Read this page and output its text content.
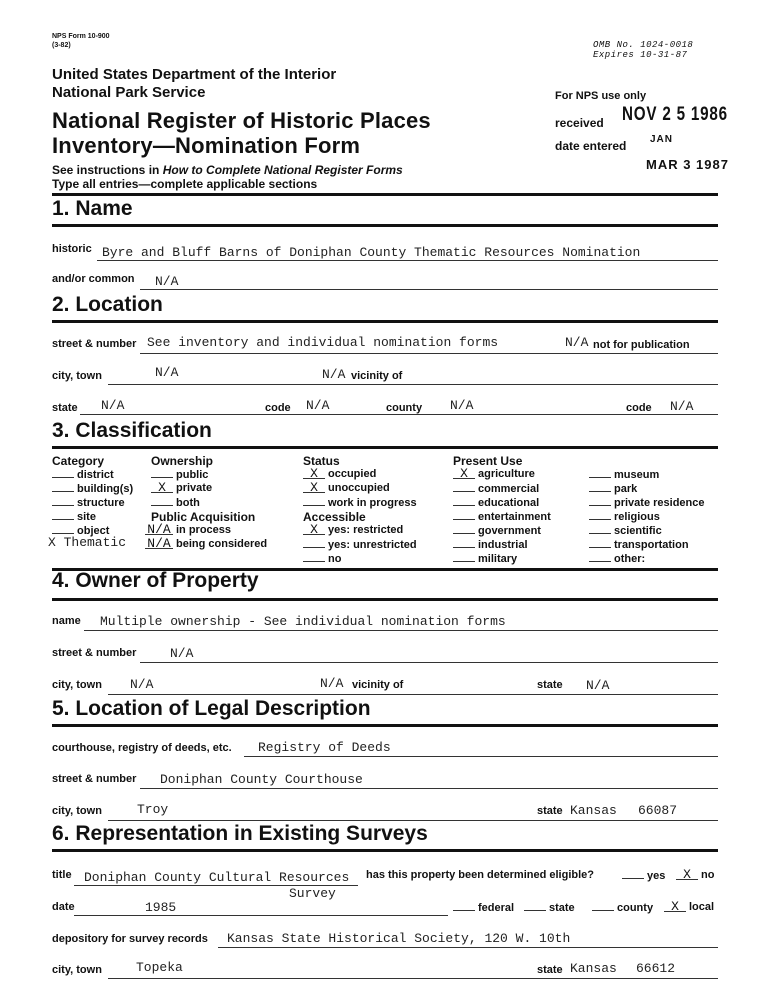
NPS Form 10-900
(3-82)	OMB No. 1024-0018
Expires 10-31-87
United States Department of the Interior
National Park Service
National Register of Historic Places
Inventory—Nomination Form
See instructions in How to Complete National Register Forms
Type all entries—complete applicable sections
For NPS use only
received NOV 2 5 1986
date entered JAN
MAR 3 1987
1. Name
historic Byre and Bluff Barns of Doniphan County Thematic Resources Nomination
and/or common N/A
2. Location
street & number See inventory and individual nomination forms	N/A not for publication
city, town	N/A	N/A vicinity of
state N/A	code N/A	county N/A	code N/A
3. Classification
Category
district
building(s)
structure
site
object
X Thematic
Ownership
public
X private
both
Public Acquisition
N/A in process
N/A being considered
Status
X occupied
X unoccupied
work in progress
Accessible
X yes: restricted
yes: unrestricted
no
Present Use
X agriculture
commercial
educational
entertainment
government
industrial
military
museum
park
private residence
religious
scientific
transportation
other:
4. Owner of Property
name Multiple ownership - See individual nomination forms
street & number	N/A
city, town N/A	N/A vicinity of	state N/A
5. Location of Legal Description
courthouse, registry of deeds, etc. Registry of Deeds
street & number Doniphan County Courthouse
city, town	Troy	state Kansas 66087
6. Representation in Existing Surveys
title Doniphan County Cultural Resources has this property been determined eligible?	yes	X no
Survey
date	1985	federal	state	county	X local
depository for survey records Kansas State Historical Society, 120 W. 10th
city, town	Topeka	state Kansas 66612
